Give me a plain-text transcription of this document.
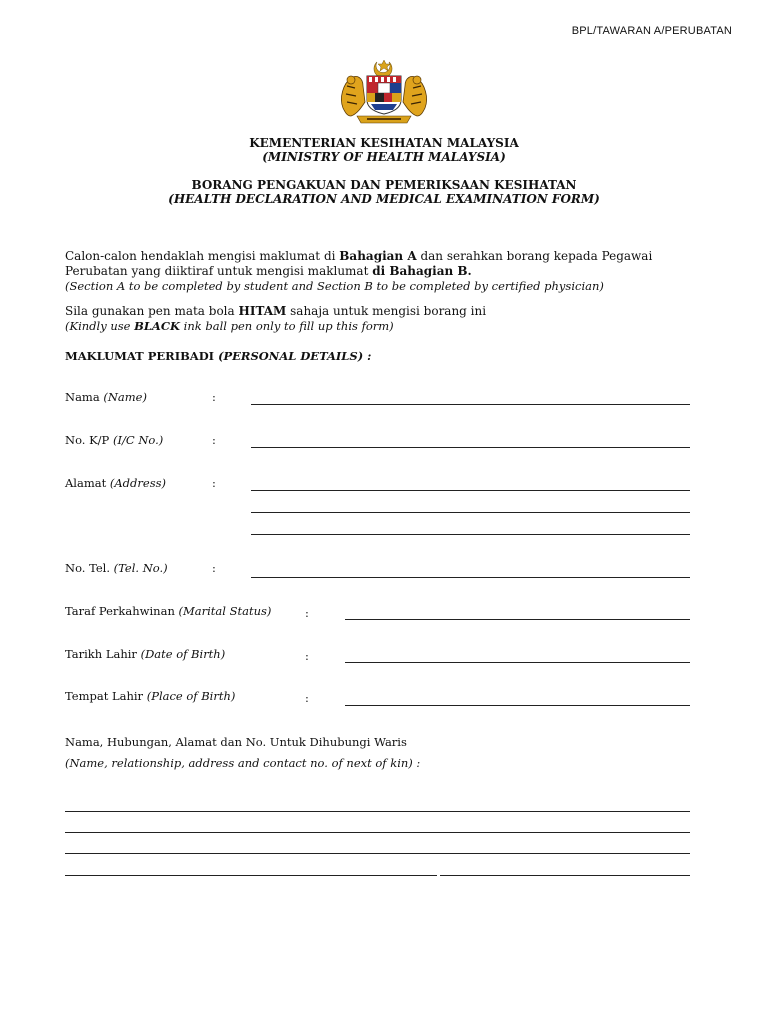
BPL/TAWARAN A/PERUBATAN
KEMENTERIAN KESIHATAN MALAYSIA
(MINISTRY OF HEALTH MALAYSIA)
BORANG PENGAKUAN DAN PEMERIKSAAN KESIHATAN
(HEALTH DECLARATION AND MEDICAL EXAMINATION FORM)
Calon-calon hendaklah mengisi maklumat di Bahagian A dan serahkan borang kepada Pegawai
Perubatan yang diiktiraf untuk mengisi maklumat di Bahagian B.
(Section A to be completed by student and Section B to be completed by certified physician)
Sila gunakan pen mata bola HITAM sahaja untuk mengisi borang ini
(Kindly use BLACK ink ball pen only to fill up this form)
MAKLUMAT PERIBADI (PERSONAL DETAILS) :
Nama (Name)	:
No. K/P (I/C No.)	:
Alamat (Address)	:
No. Tel. (Tel. No.)	:
Taraf Perkahwinan (Marital Status)	:
Tarikh Lahir (Date of Birth)	:
Tempat Lahir (Place of Birth)	:
Nama, Hubungan, Alamat dan No. Untuk Dihubungi Waris
(Name, relationship, address and contact no. of next of kin) :
